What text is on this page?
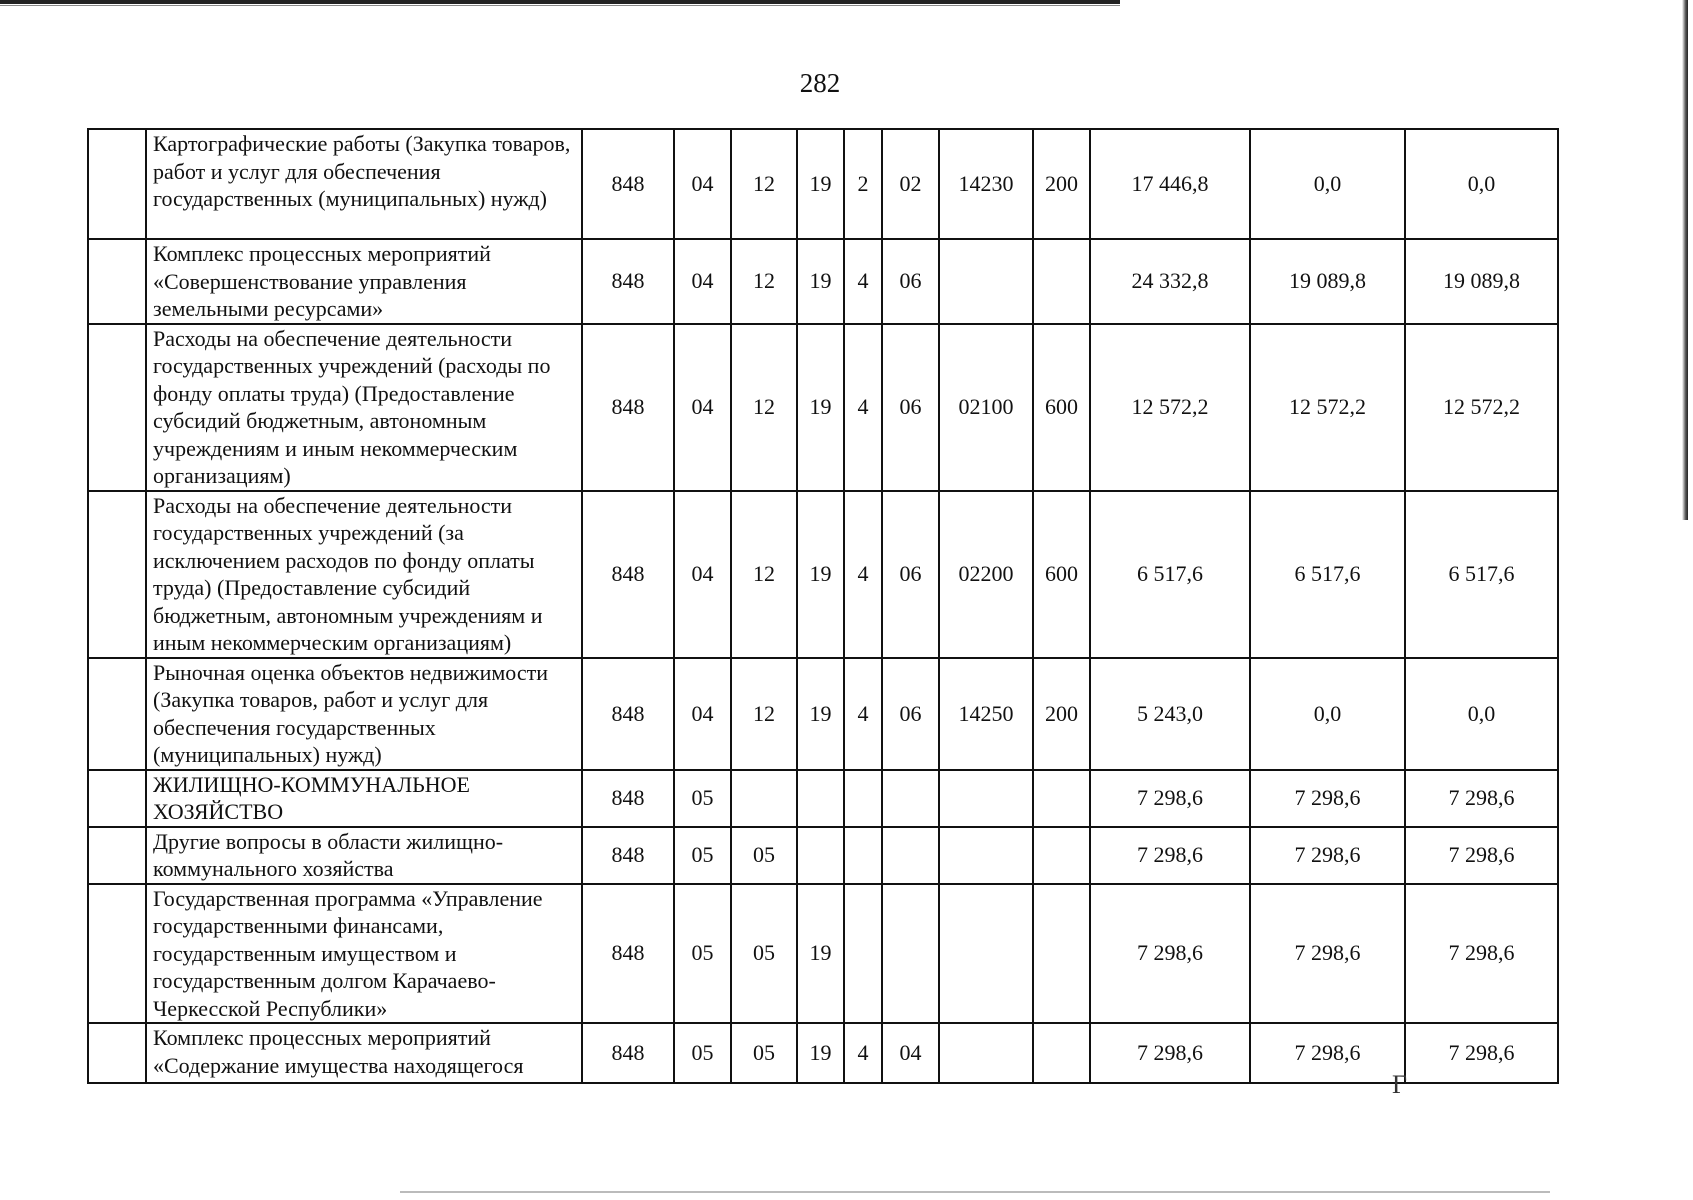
282
	Картографические работы (Закупка товаров, работ и услуг для обеспечения государственных (муниципальных) нужд)	848	04	12	19	2	02	14230	200	17 446,8	0,0	0,0
	Комплекс процессных мероприятий «Совершенствование управления земельными ресурсами»	848	04	12	19	4	06			24 332,8	19 089,8	19 089,8
	Расходы на обеспечение деятельности государственных учреждений (расходы по фонду оплаты труда) (Предоставление субсидий бюджетным, автономным учреждениям и иным некоммерческим организациям)	848	04	12	19	4	06	02100	600	12 572,2	12 572,2	12 572,2
	Расходы на обеспечение деятельности государственных учреждений (за исключением расходов по фонду оплаты труда) (Предоставление субсидий бюджетным, автономным учреждениям и иным некоммерческим организациям)	848	04	12	19	4	06	02200	600	6 517,6	6 517,6	6 517,6
	Рыночная оценка объектов недвижимости (Закупка товаров, работ и услуг для обеспечения государственных (муниципальных) нужд)	848	04	12	19	4	06	14250	200	5 243,0	0,0	0,0
	ЖИЛИЩНО-КОММУНАЛЬНОЕ ХОЗЯЙСТВО	848	05							7 298,6	7 298,6	7 298,6
	Другие вопросы в области жилищно-коммунального хозяйства	848	05	05						7 298,6	7 298,6	7 298,6
	Государственная программа «Управление государственными финансами, государственным имуществом и государственным долгом Карачаево-Черкесской Республики»	848	05	05	19					7 298,6	7 298,6	7 298,6
	Комплекс процессных мероприятий «Содержание имущества находящегося	848	05	05	19	4	04			7 298,6	7 298,6	7 298,6
Г
